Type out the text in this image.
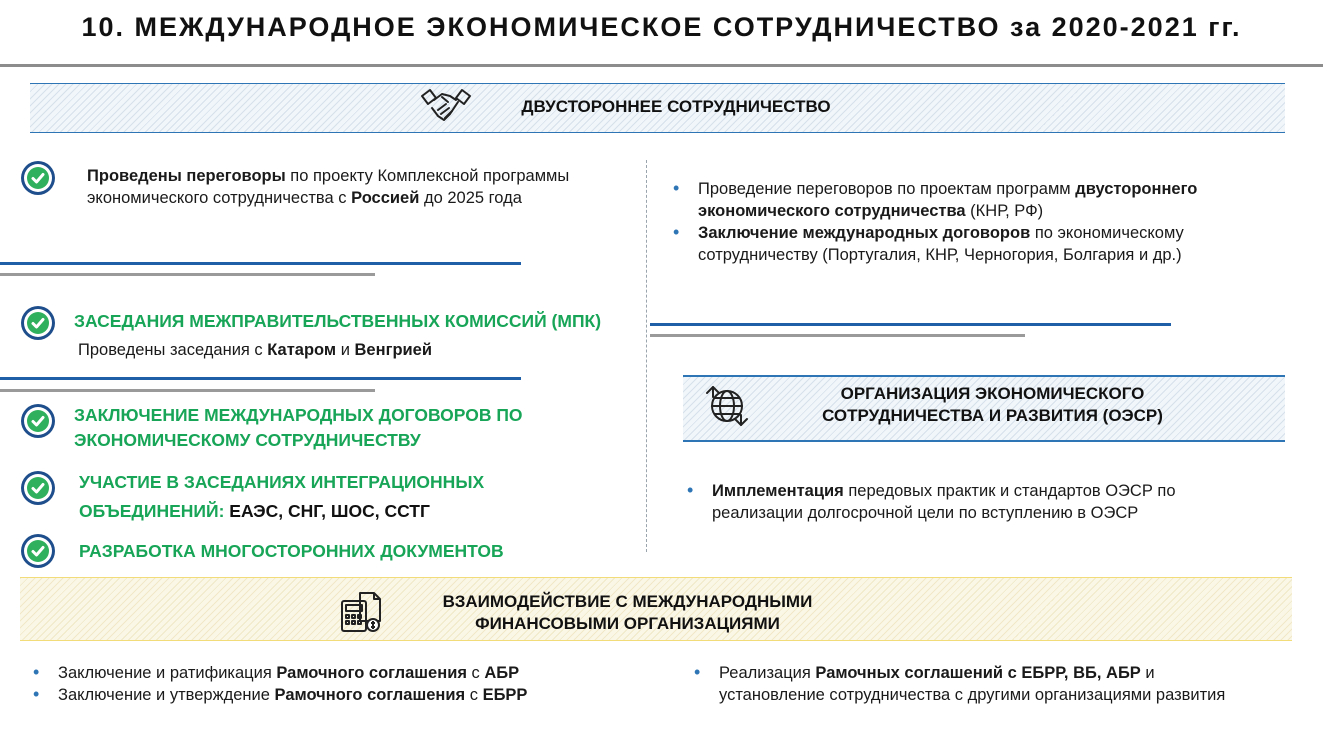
10. МЕЖДУНАРОДНОЕ ЭКОНОМИЧЕСКОЕ СОТРУДНИЧЕСТВО за 2020-2021 гг.
ДВУСТОРОННЕЕ СОТРУДНИЧЕСТВО
Проведены переговоры по проекту Комплексной программы экономического сотрудничества с Россией до 2025 года
ЗАСЕДАНИЯ МЕЖПРАВИТЕЛЬСТВЕННЫХ КОМИССИЙ (МПК)
Проведены заседания с Катаром и Венгрией
ЗАКЛЮЧЕНИЕ МЕЖДУНАРОДНЫХ ДОГОВОРОВ ПО ЭКОНОМИЧЕСКОМУ СОТРУДНИЧЕСТВУ
УЧАСТИЕ В ЗАСЕДАНИЯХ ИНТЕГРАЦИОННЫХ
ОБЪЕДИНЕНИЙ: ЕАЭС, СНГ, ШОС, ССТГ
РАЗРАБОТКА МНОГОСТОРОННИХ ДОКУМЕНТОВ
• Проведение переговоров по проектам программ двустороннего экономического сотрудничества (КНР, РФ)
• Заключение международных договоров по экономическому сотрудничеству (Португалия, КНР, Черногория, Болгария и др.)
ОРГАНИЗАЦИЯ ЭКОНОМИЧЕСКОГО
СОТРУДНИЧЕСТВА И РАЗВИТИЯ (ОЭСР)
• Имплементация передовых практик и стандартов ОЭСР по реализации долгосрочной цели по вступлению в ОЭСР
ВЗАИМОДЕЙСТВИЕ С МЕЖДУНАРОДНЫМИ
ФИНАНСОВЫМИ ОРГАНИЗАЦИЯМИ
• Заключение и ратификация Рамочного соглашения с АБР
• Заключение и утверждение Рамочного соглашения с ЕБРР
• Реализация Рамочных соглашений с ЕБРР, ВБ, АБР и установление сотрудничества с другими организациями развития
